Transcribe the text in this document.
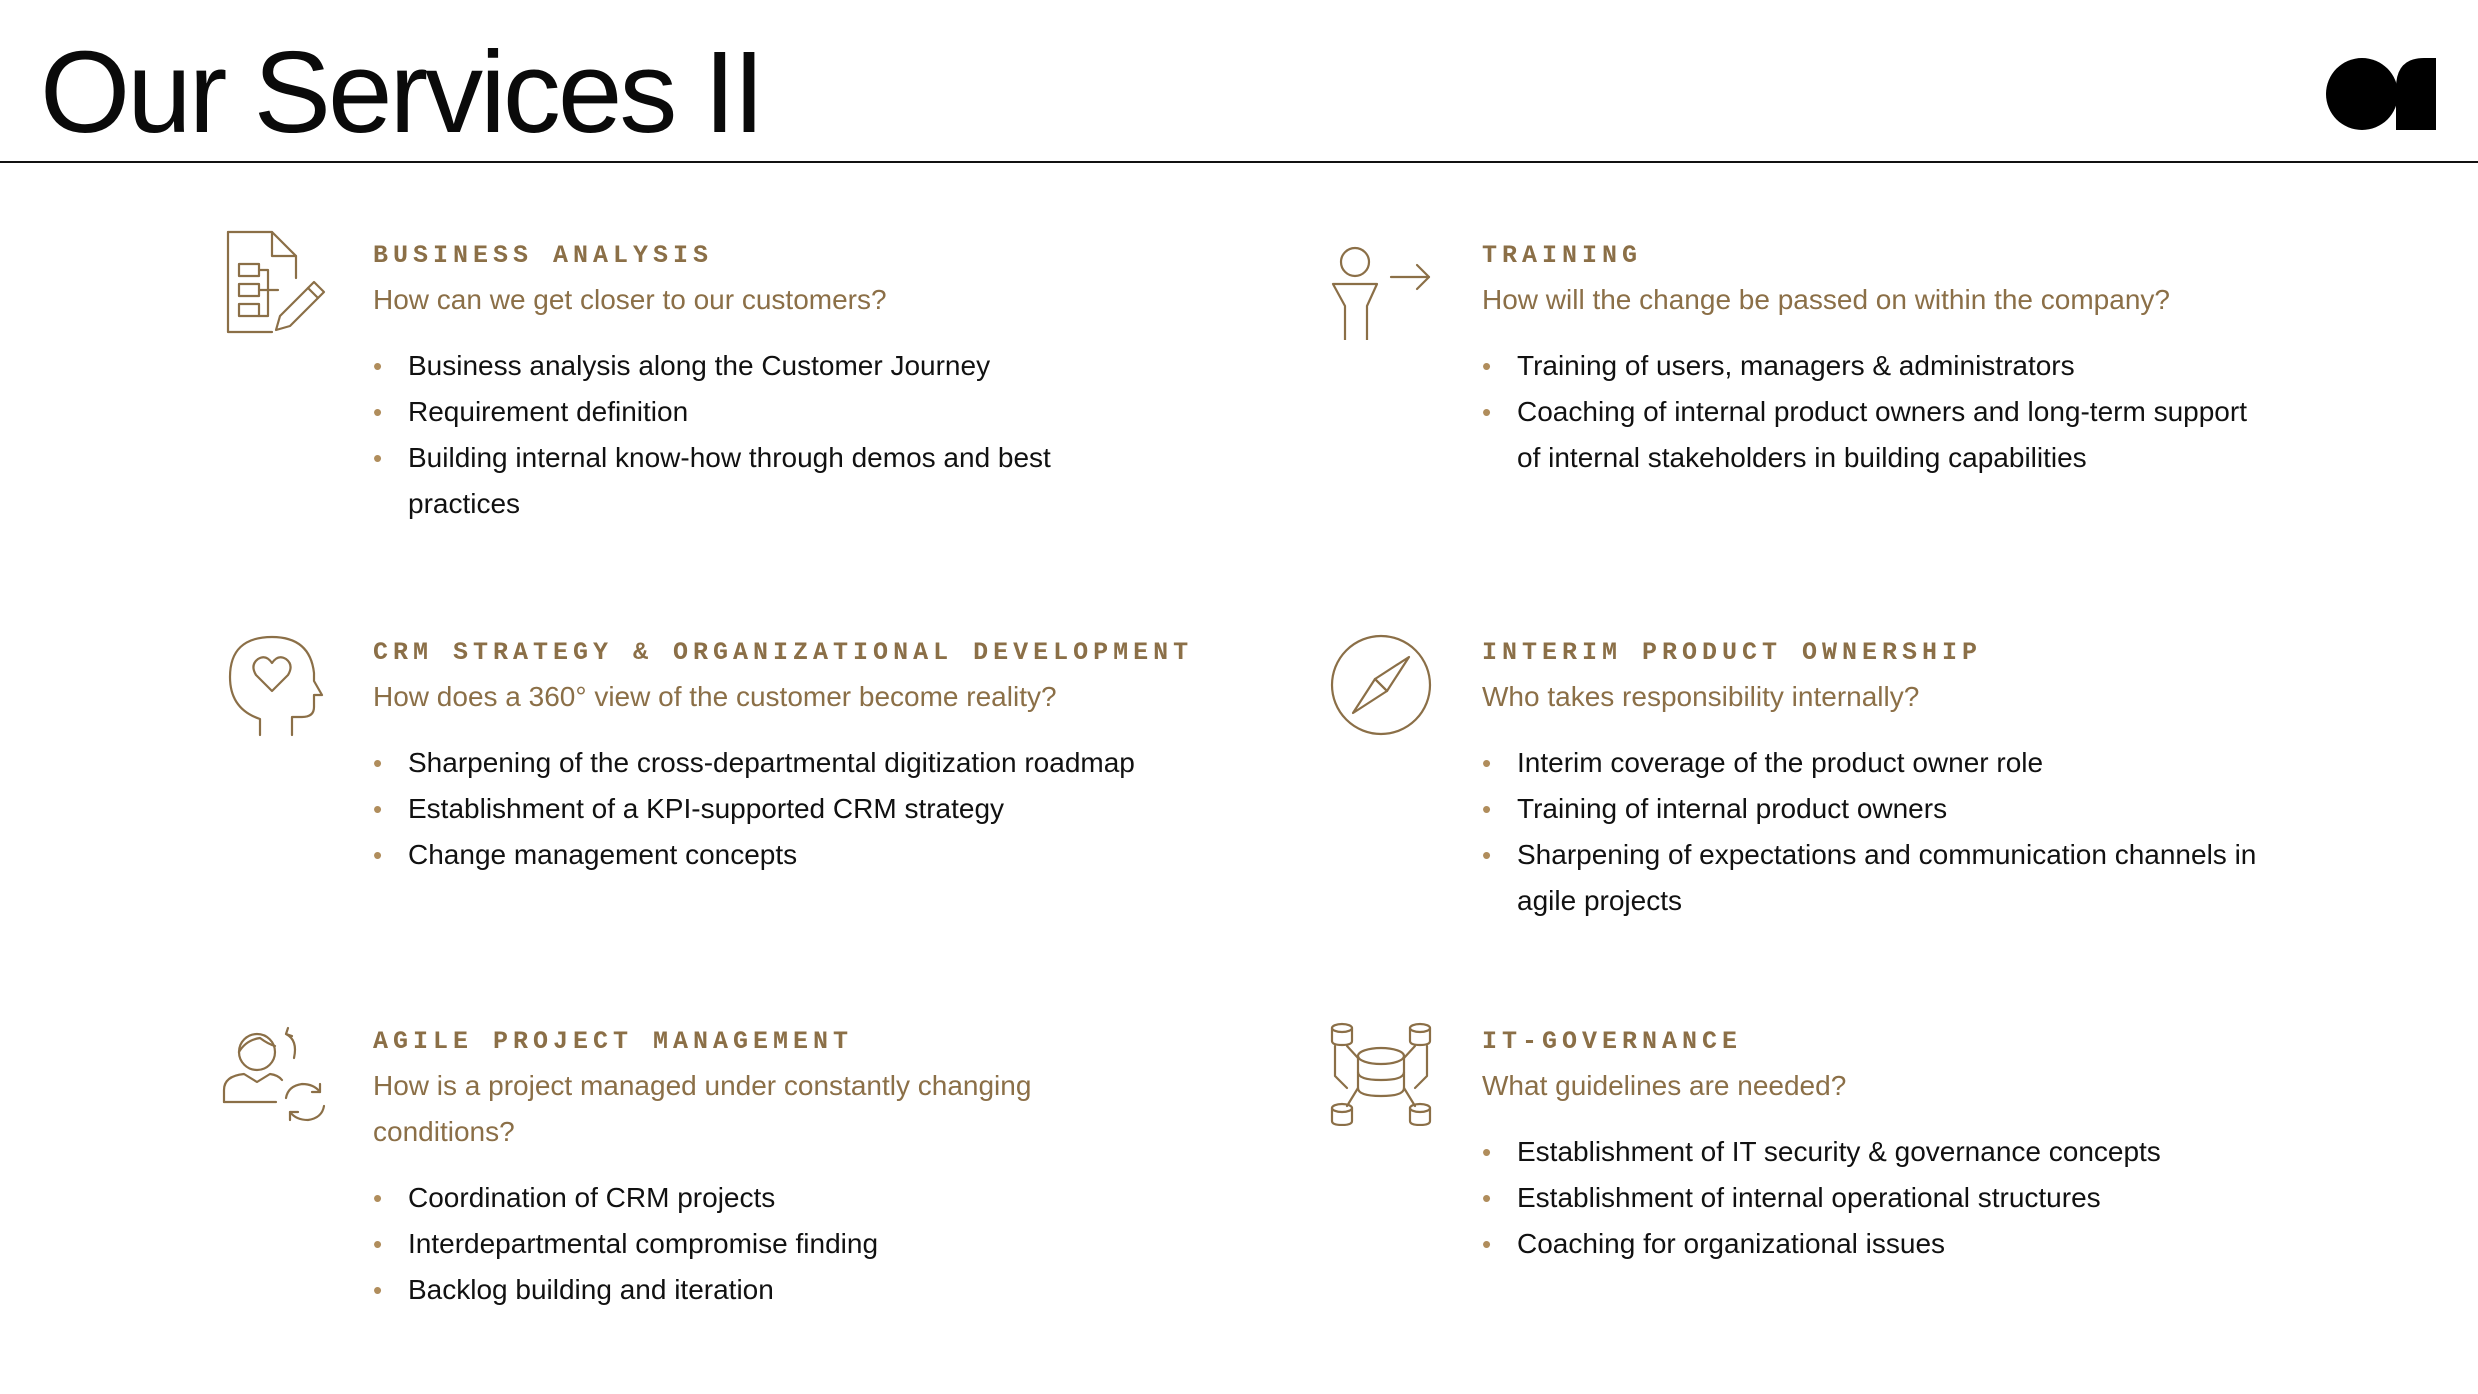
Our Services II
BUSINESS ANALYSIS

How can we get closer to our customers?

• Business analysis along the Customer Journey
• Requirement definition
• Building internal know-how through demos and best practices
TRAINING

How will the change be passed on within the company?

• Training of users, managers & administrators
• Coaching of internal product owners and long-term support of internal stakeholders in building capabilities
CRM STRATEGY & ORGANIZATIONAL DEVELOPMENT

How does a 360° view of the customer become reality?

• Sharpening of the cross-departmental digitization roadmap
• Establishment of a KPI-supported CRM strategy
• Change management concepts
INTERIM PRODUCT OWNERSHIP

Who takes responsibility internally?

• Interim coverage of the product owner role
• Training of internal product owners
• Sharpening of expectations and communication channels in agile projects
AGILE PROJECT MANAGEMENT

How is a project managed under constantly changing conditions?

• Coordination of CRM projects
• Interdepartmental compromise finding
• Backlog building and iteration
IT-GOVERNANCE

What guidelines are needed?

• Establishment of IT security & governance concepts
• Establishment of internal operational structures
• Coaching for organizational issues
